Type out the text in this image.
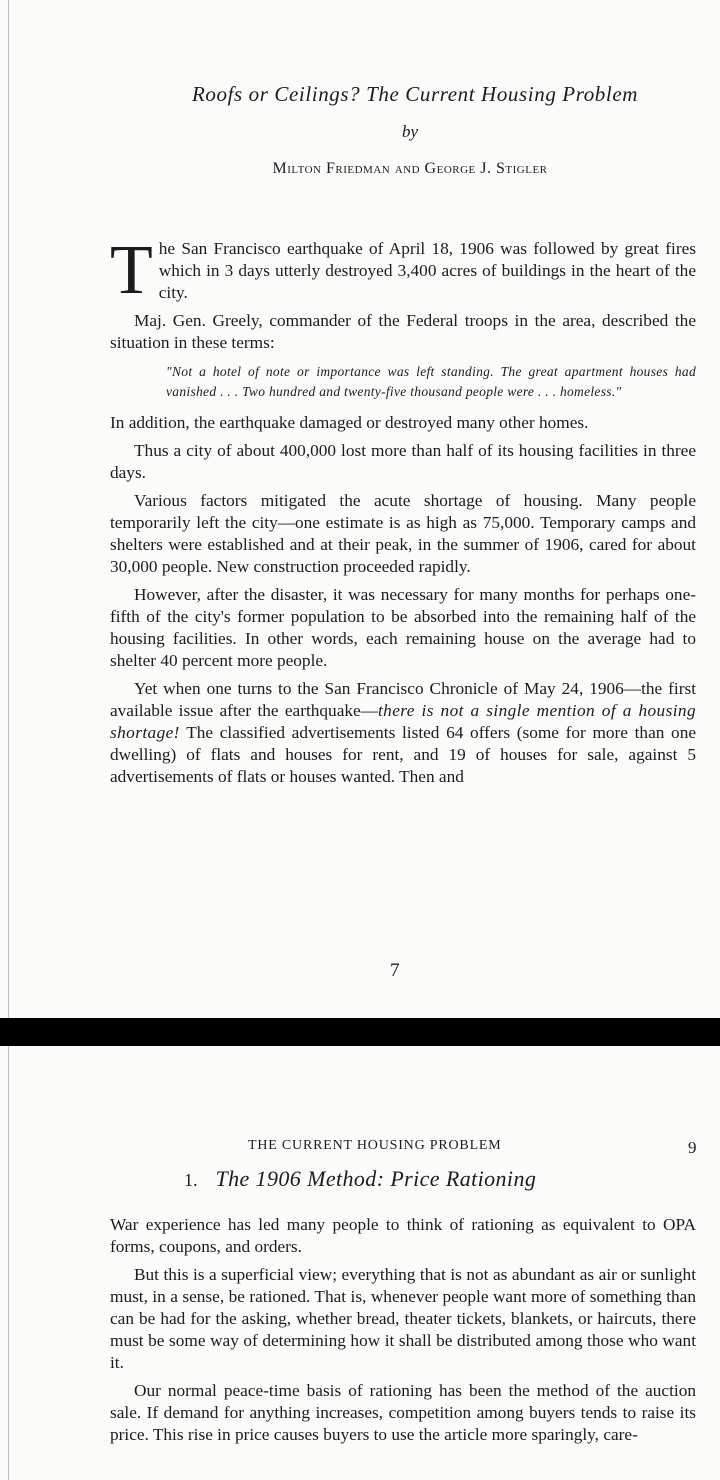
Roofs or Ceilings? The Current Housing Problem
by
Milton Friedman and George J. Stigler

The San Francisco earthquake of April 18, 1906 was followed by great fires which in 3 days utterly destroyed 3,400 acres of buildings in the heart of the city.

Maj. Gen. Greely, commander of the Federal troops in the area, described the situation in these terms:

"Not a hotel of note or importance was left standing. The great apartment houses had vanished . . . Two hundred and twenty-five thousand people were . . . homeless."

In addition, the earthquake damaged or destroyed many other homes.

Thus a city of about 400,000 lost more than half of its housing facilities in three days.

Various factors mitigated the acute shortage of housing. Many people temporarily left the city—one estimate is as high as 75,000. Temporary camps and shelters were established and at their peak, in the summer of 1906, cared for about 30,000 people. New construction proceeded rapidly.

However, after the disaster, it was necessary for many months for perhaps one-fifth of the city's former population to be absorbed into the remaining half of the housing facilities. In other words, each remaining house on the average had to shelter 40 percent more people.

Yet when one turns to the San Francisco Chronicle of May 24, 1906—the first available issue after the earthquake—there is not a single mention of a housing shortage! The classified advertisements listed 64 offers (some for more than one dwelling) of flats and houses for rent, and 19 of houses for sale, against 5 advertisements of flats or houses wanted. Then and

7
THE CURRENT HOUSING PROBLEM	9
1. The 1906 Method: Price Rationing

War experience has led many people to think of rationing as equivalent to OPA forms, coupons, and orders.

But this is a superficial view; everything that is not as abundant as air or sunlight must, in a sense, be rationed. That is, whenever people want more of something than can be had for the asking, whether bread, theater tickets, blankets, or haircuts, there must be some way of determining how it shall be distributed among those who want it.

Our normal peace-time basis of rationing has been the method of the auction sale. If demand for anything increases, competition among buyers tends to raise its price. This rise in price causes buyers to use the article more sparingly, care-
